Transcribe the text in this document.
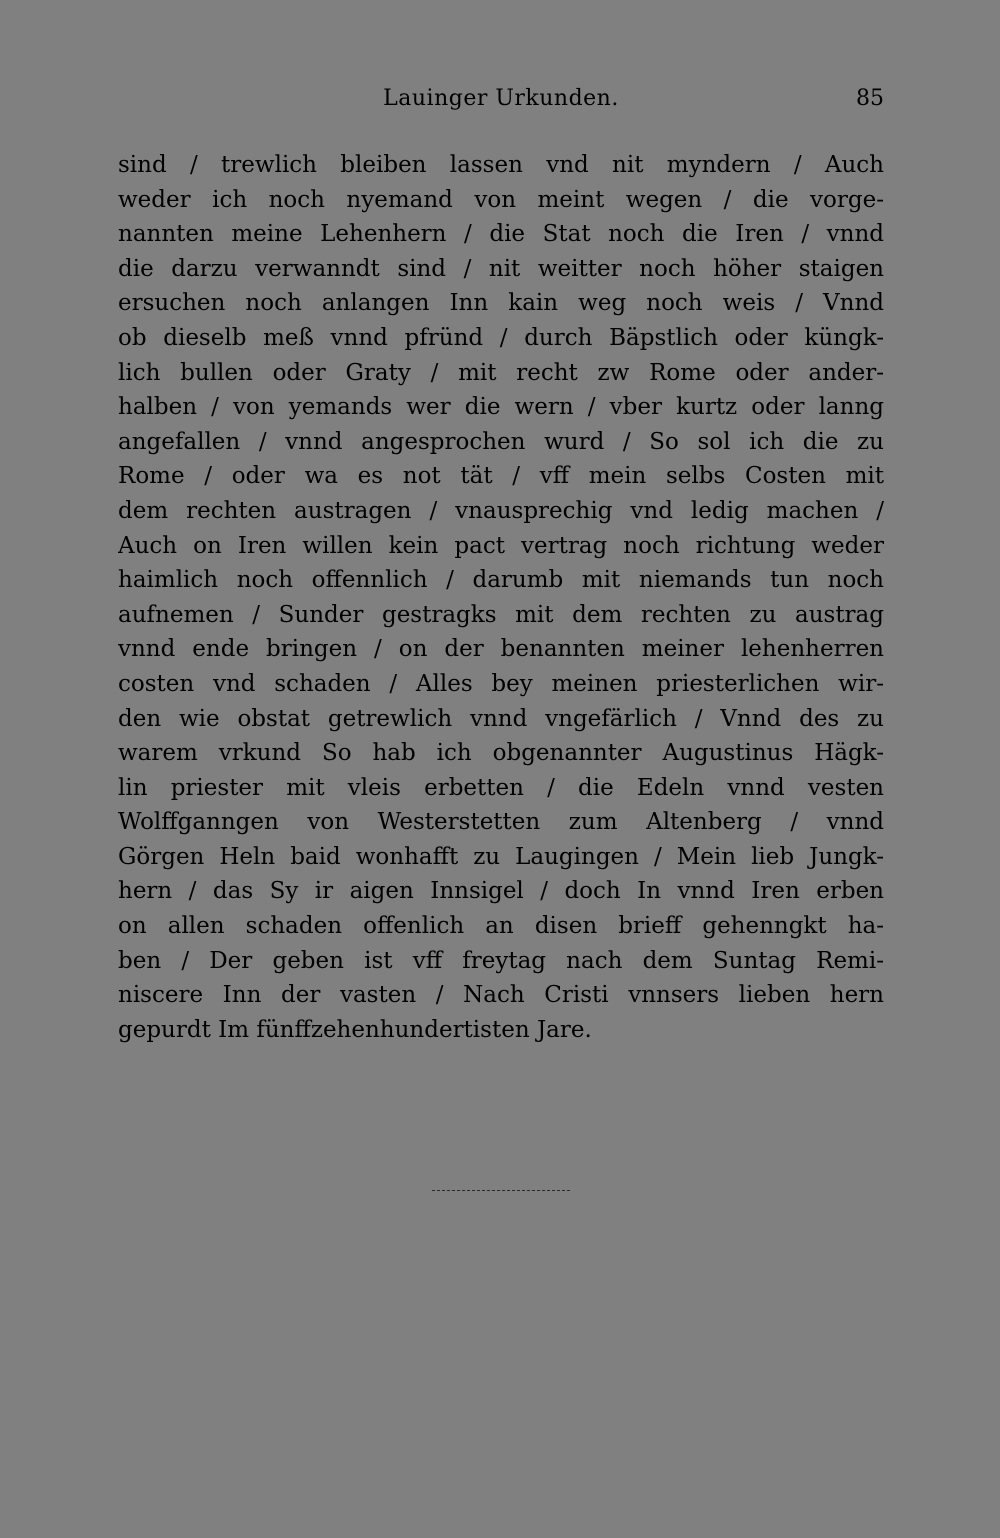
Lauinger Urkunden.	85
sind / trewlich bleiben lassen vnd nit myndern / Auch
weder ich noch nyemand von meint wegen / die vorge-
nannten meine Lehenhern / die Stat noch die Iren / vnnd
die darzu verwanndt sind / nit weitter noch höher staigen
ersuchen noch anlangen Inn kain weg noch weis / Vnnd
ob dieselb meß vnnd pfründ / durch Bäpstlich oder küngk-
lich bullen oder Graty / mit recht zw Rome oder ander-
halben / von yemands wer die wern / vber kurtz oder lanng
angefallen / vnnd angesprochen wurd / So sol ich die zu
Rome / oder wa es not tät / vff mein selbs Costen mit
dem rechten austragen / vnausprechig vnd ledig machen /
Auch on Iren willen kein pact vertrag noch richtung weder
haimlich noch offennlich / darumb mit niemands tun noch
aufnemen / Sunder gestragks mit dem rechten zu austrag
vnnd ende bringen / on der benannten meiner lehenherren
costen vnd schaden / Alles bey meinen priesterlichen wir-
den wie obstat getrewlich vnnd vngefärlich / Vnnd des zu
warem vrkund So hab ich obgenannter Augustinus Hägk-
lin priester mit vleis erbetten / die Edeln vnnd vesten
Wolffganngen von Westerstetten zum Altenberg / vnnd
Görgen Heln baid wonhafft zu Laugingen / Mein lieb Jungk-
hern / das Sy ir aigen Innsigel / doch In vnnd Iren erben
on allen schaden offenlich an disen brieff gehenngkt ha-
ben / Der geben ist vff freytag nach dem Suntag Remi-
niscere Inn der vasten / Nach Cristi vnnsers lieben hern
gepurdt Im fünffzehenhundertisten Jare.
